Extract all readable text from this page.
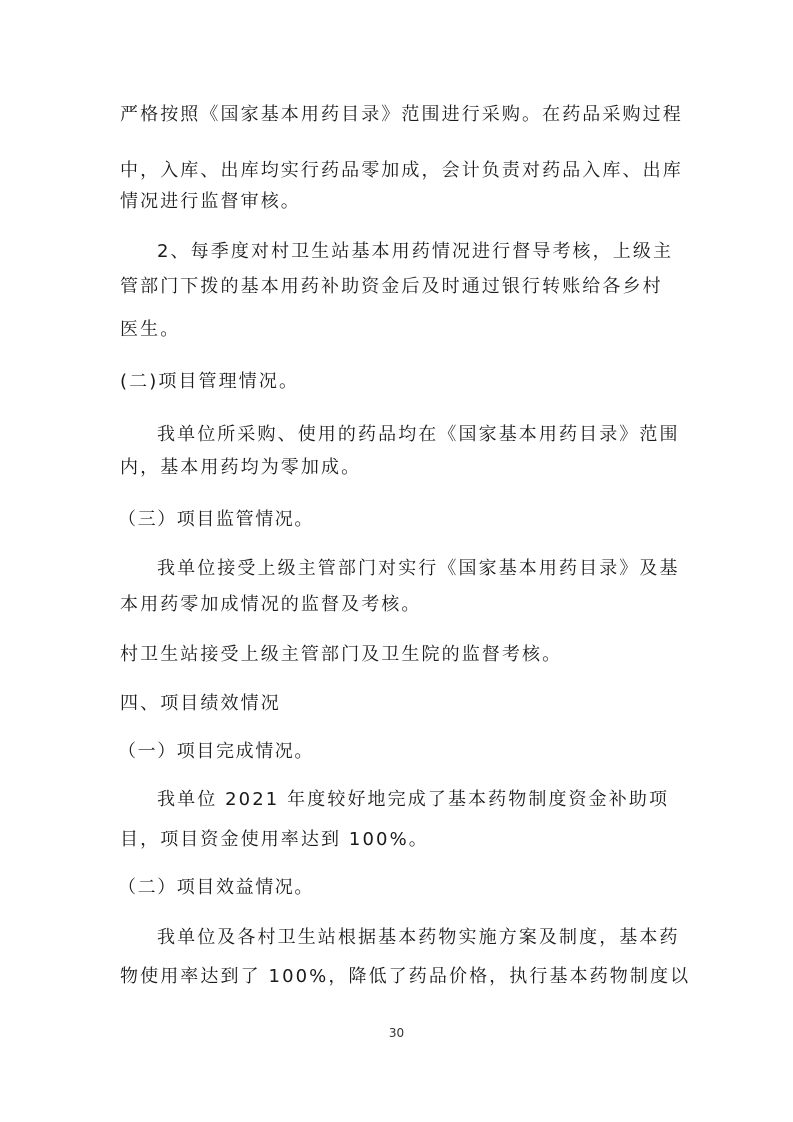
严格按照《国家基本用药目录》范围进行采购。在药品采购过程
中，入库、出库均实行药品零加成，会计负责对药品入库、出库
情况进行监督审核。
2、每季度对村卫生站基本用药情况进行督导考核，上级主
管部门下拨的基本用药补助资金后及时通过银行转账给各乡村
医生。
(二)项目管理情况。
我单位所采购、使用的药品均在《国家基本用药目录》范围
内，基本用药均为零加成。
（三）项目监管情况。
我单位接受上级主管部门对实行《国家基本用药目录》及基
本用药零加成情况的监督及考核。
村卫生站接受上级主管部门及卫生院的监督考核。
四、项目绩效情况
（一）项目完成情况。
我单位 2021 年度较好地完成了基本药物制度资金补助项
目，项目资金使用率达到 100%。
（二）项目效益情况。
我单位及各村卫生站根据基本药物实施方案及制度，基本药
物使用率达到了 100%，降低了药品价格，执行基本药物制度以
30
